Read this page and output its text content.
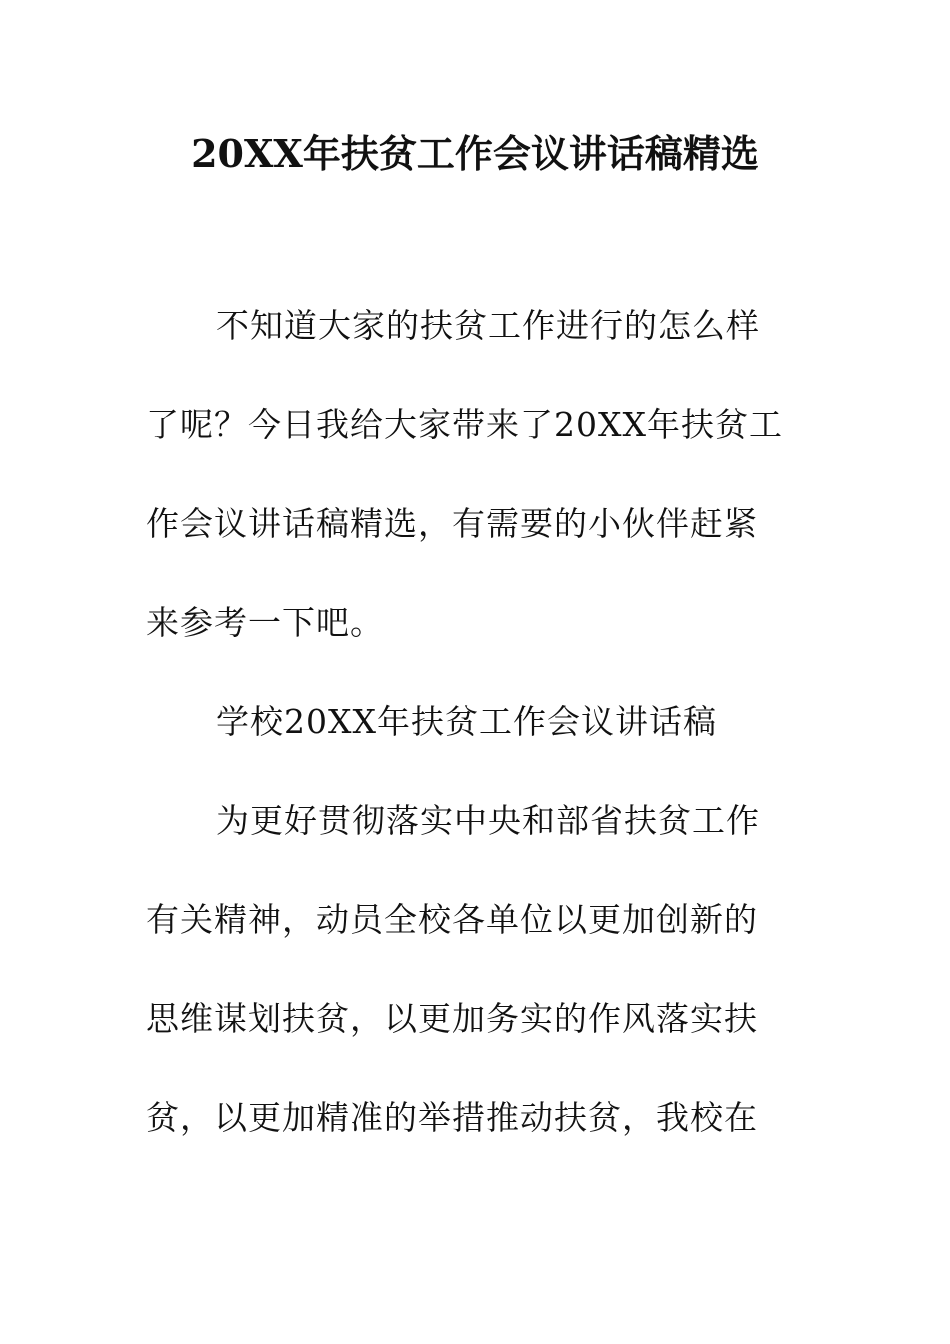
20XX年扶贫工作会议讲话稿精选
不知道大家的扶贫工作进行的怎么样
了呢？今日我给大家带来了20XX年扶贫工
作会议讲话稿精选，有需要的小伙伴赶紧
来参考一下吧。
学校20XX年扶贫工作会议讲话稿
为更好贯彻落实中央和部省扶贫工作
有关精神，动员全校各单位以更加创新的
思维谋划扶贫，以更加务实的作风落实扶
贫，以更加精准的举措推动扶贫，我校在
